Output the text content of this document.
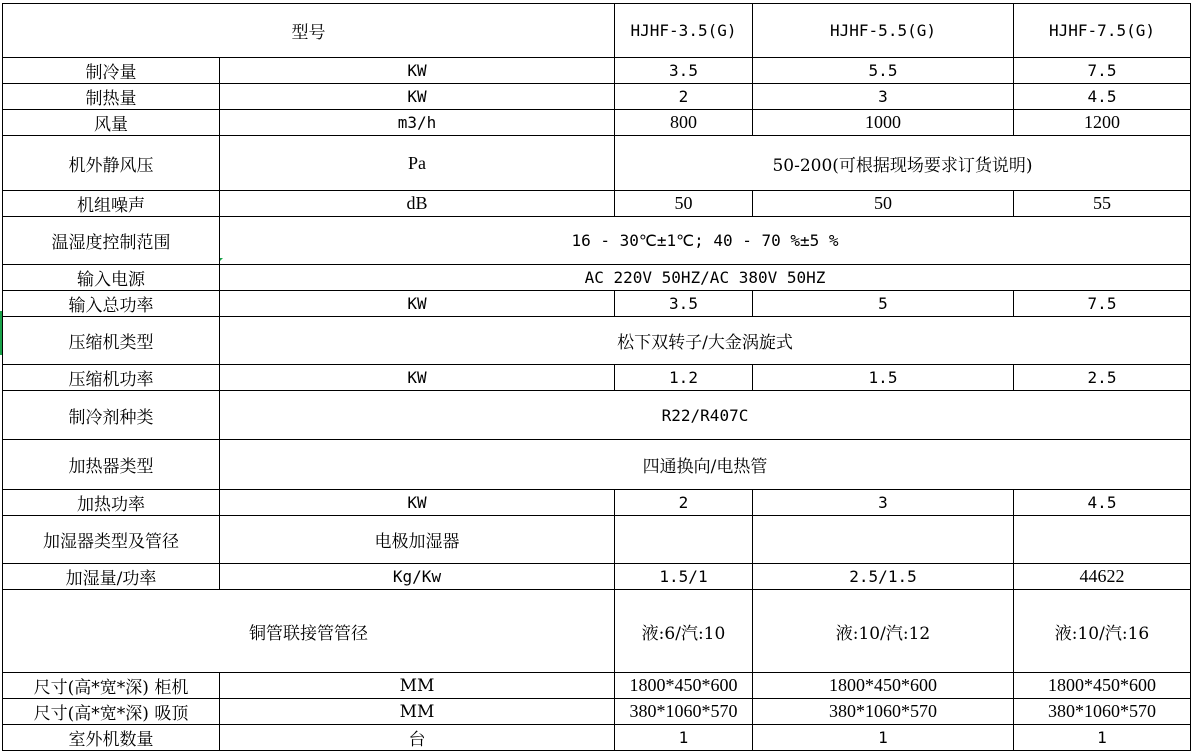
型号		HJHF-3.5(G)	HJHF-5.5(G)	HJHF-7.5(G)
制冷量	KW	3.5	5.5	7.5
制热量	KW	2	3	4.5
风量	m3/h	800	1000	1200
机外静风压	Pa	50-200(可根据现场要求订货说明)		
机组噪声	dB	50	50	55
温湿度控制范围	16 - 30℃±1℃; 40 - 70 %±5 %			
输入电源	AC 220V 50HZ/AC 380V 50HZ			
输入总功率	KW	3.5	5	7.5
压缩机类型	松下双转子/大金涡旋式			
压缩机功率	KW	1.2	1.5	2.5
制冷剂种类	R22/R407C			
加热器类型	四通换向/电热管			
加热功率	KW	2	3	4.5
加湿器类型及管径	电极加湿器			
加湿量/功率	Kg/Kw	1.5/1	2.5/1.5	44622
铜管联接管管径		液:6/汽:10	液:10/汽:12	液:10/汽:16
尺寸(高*宽*深) 柜机	MM	1800*450*600	1800*450*600	1800*450*600
尺寸(高*宽*深) 吸顶	MM	380*1060*570	380*1060*570	380*1060*570
室外机数量	台	1	1	1
